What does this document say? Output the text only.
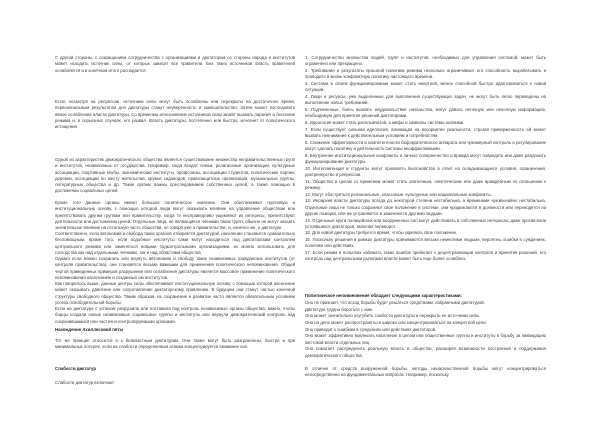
С другой стороны, с сокращением сотрудничества с организациями и диктатором со стороны народа и институтов может исходить источник силы, от которых зависит все правители. Без таких источников власть правителей ослабляется и в конечном итоге распадается.

Если, несмотря на репрессии, источники силы могут быть ослаблены или перекрыты на достаточное время, первоначальным результатом для диктатуры станут неуверенность и замешательство. Затем может последовать явное ослабление власти диктатуры. Со временем исчезновение источников силы может вызвать паралич и бессилие режима и, в серьезных случаях, его развал. Власть диктатуры, постепенно или быстро, исчезнет от политического истощения.

Одной из характеристик демократического общества является существование множества неправительственных групп и институтов, независимых от государства. Например, сюда входят семьи, религиозные организации, культурные ассоциации, спортивные клубы, экономические институты, профсоюзы, ассоциации студентов, политические партии, деревни, ассоциации по месту жительства, кружки садоводов, правозащитные организации, музыкальные группы, литературные общества и др. Такие органы важны преследованием собственных целей, а также помощью в достижении социальных целей.

Кроме того данные органы имеют большое политическое значение. Они обеспечивают групповую и институциональную основу, с помощью которой люди могут оказывать влияние на управление обществом или препятствовать другим группам или правительству, когда те несправедливо ущемляют их интересы, препятствуют деятельности или достижению целей. Отдельные лица, не являющиеся членами таких групп, обычно не могут оказать значительное влияние на остальную часть общества, не говоря уже о правительстве, и, конечно же, о диктатуре.

Соответственно, если автономия и свобода таких органов отбирается диктатурой, население становится сравнительно беспомощным. Кроме того, если подобные институты сами могут находиться под диктаторским контролем центрального режима или заменяться новыми подконтрольными организациями, их можно использовать для господства как над отдельными членами, так и над областями общества.

Однако если можно сохранить или вернуть автономию и свободу таких независимых гражданских институтов (от контроля правительства), они становятся весьма важными для применения политического неповиновения. Общей чертой приведенных примеров разрушения или ослабления диктатуры является массовое применение политического неповиновения населением и созданных им институтов.

Как говорилось выше, данные центры силы обеспечивают институциональную основу, с помощью которой население может оказывать давление или сопротивление диктаторскому правлению. В будущем они станут частью конечной структуры свободного общества. Таким образом, их сохранение и развитие часто является обязательным условием успеха освободительной борьбы.

Если же диктатура с успехом разрушила или поставила под контроль независимые органы общества, важно, чтобы борцы создали новые независимые социальные группы и институты или вернули демократический контроль над сохранившимися или частично контролируемыми органами.

Нахождение Ахиллесовой пяты

Тот же принцип относится и к безвластным диктатурам. Они также могут быть разгромлены, быстро и при минимальных потерях, если на слабости определенным атакам концентрируется внимание сил.

Слабости диктатур

Слабости диктатур включают:

1. Сотрудничество множества людей, групп и институтов, необходимых для управления системой, может быть ограничено или прекращено.
2. Требования и результаты прошлой политики режима несколько ограничивают его способность вырабатывать и проводить в жизнь конфликтную политику настоящего времени.
3. Система в своем функционировании может стать инертной, менее способной быстро адаптироваться к новой ситуации.
4. Люди и ресурсы, уже выделенные для выполнения существующих задач, не могут быть легко переведены на выполнение новых требований.
5. Подчиненные, боясь вызвать неудовольствие начальства, могут давать неточную или неполную информацию, необходимую для принятия решений диктаторами.
6. Идеология может стать расплывчатой, а мифы и символы системы шаткими.
7. Если существует сильная идеология, влияющая на восприятие реальности, строгая приверженность ей может вызвать невнимание к действительным условиям и потребностям.
8. Снижение эффективности и компетентности бюрократического аппарата или чрезмерный контроль и регулирование могут сделать политику и деятельность системы неэффективными.
9. Внутренние институциональные конфликты и личное соперничество и вражда могут повредить или даже разрушить функционирование диктатуры.
10. Интеллигенция и студенты могут проявлять беспокойство в ответ на складывающиеся условия, ограничения, доктринерство и репрессии.
11. Общество в целом со временем может стать апатичным, скептическим или даже враждебным по отношению к режиму.
12. Могут обостряться региональные, классовые, культурные или национальные конфликты.
13. Иерархия власти диктатуры всегда до некоторой степени нестабильна, а временами чрезвычайно нестабильна. Отдельные лица не только сохраняют свое положение в системе, они продвигаются в должности или переводятся на другие позиции, или же устраняются и заменяются другими людьми.
14. Отдельные круги полицейских или вооруженных сил могут действовать в собственных интересах, даже против воли устоявшихся диктаторов, включая переворот.
15. Для новой диктатуры требуется время, чтобы укрепить свое положение.
16. Поскольку решения в рамках диктатуры принимаются весьма немногими людьми, вероятны ошибки в суждениях, политике или действиях.
17. Если режим в попытках избежать таких ошибок прибегает к децентрализации контроля и принятия решений, его контроль над центральными рычагами власти может быть еще более ослаблен.

Политическое неповиновение обладает следующими характеристиками:

Оно не признает, что исход борьбы будет решаться средствами, избранными диктатурой.
Диктатуре трудно бороться с ним.
Оно может значительно усугубить слабости диктатуры и перекрыть ее источники силы.
Оно на деле может распространяться широко или концентрироваться на конкретной цели.
Оно приводит к ошибкам в суждениях или действиях диктаторов.
Оно может эффективно вовлекать население в целом или общественные группы и институты в борьбу за ликвидацию жестокой власти отдельных лиц.
Оно помогает распределить реальную власть в обществе, расширяя возможности построения и поддержания демократического общества.

В отличие от средств вооруженной борьбы, методы ненасильственной борьбы могут концентрироваться непосредственно на фундаментальных вопросах. Например, поскольку
